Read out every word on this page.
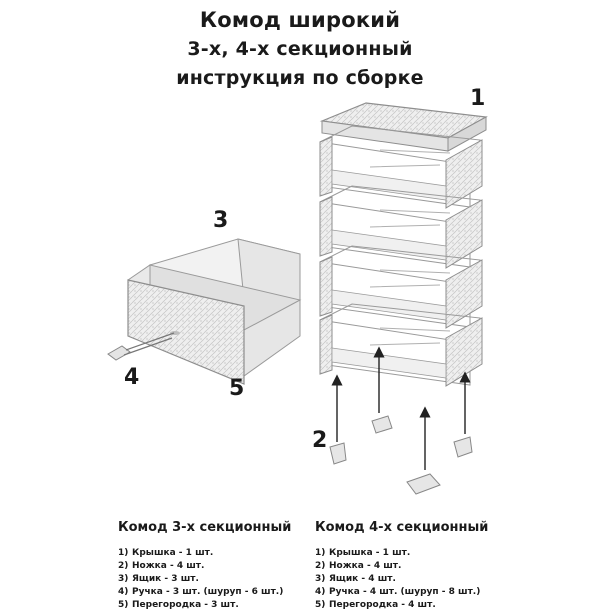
Комод широкий
3-х, 4-х секционный
инструкция по сборке
1
2
3
4	5
Комод 3-х секционный
1) Крышка - 1 шт.
2) Ножка - 4 шт.
3) Ящик - 3 шт.
4) Ручка - 3 шт. (шуруп - 6 шт.)
5) Перегородка - 3 шт.
Комод 4-х секционный
1) Крышка - 1 шт.
2) Ножка - 4 шт.
3) Ящик - 4 шт.
4) Ручка - 4 шт. (шуруп - 8 шт.)
5) Перегородка - 4 шт.
